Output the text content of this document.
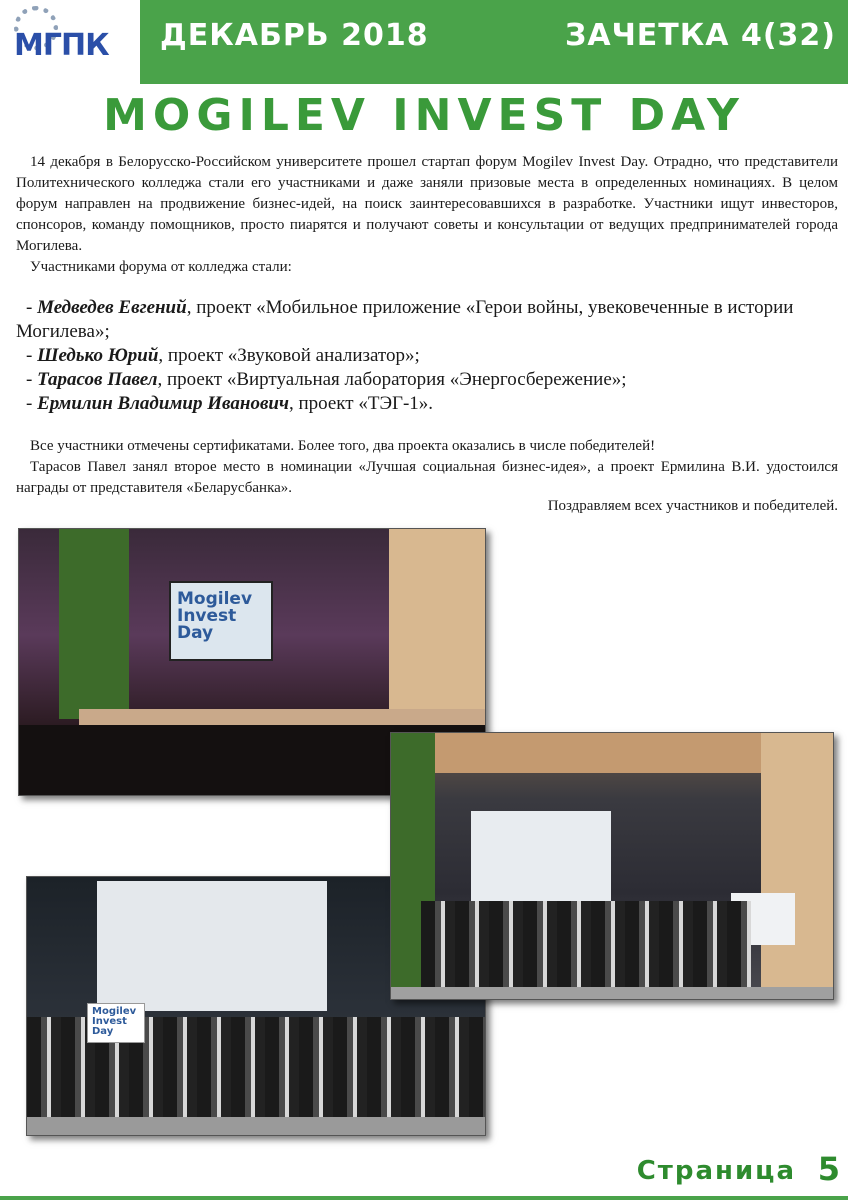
МГПК ДЕКАБРЬ 2018	ЗАЧЕТКА 4(32)
MOGILEV INVEST DAY

14 декабря в Белорусско-Российском университете прошел стартап форум Mogilev Invest Day. Отрадно, что представители Политехнического колледжа стали его участниками и даже заняли призовые места в определенных номинациях. В целом форум направлен на продвижение бизнес-идей, на поиск заинтересовавшихся в разработке. Участники ищут инвесторов, спонсоров, команду помощников, просто пиарятся и получают советы и консультации от ведущих предпринимателей города Могилева.

Участниками форума от колледжа стали:

- Медведев Евгений, проект «Мобильное приложение «Герои войны, увековеченные в истории Могилева»;

- Шедько Юрий, проект «Звуковой анализатор»;

- Тарасов Павел, проект «Виртуальная лаборатория «Энергосбережение»;

- Ермилин Владимир Иванович, проект «ТЭГ-1».

Все участники отмечены сертификатами. Более того, два проекта оказались в числе победителей!

Тарасов Павел занял второе место в номинации «Лучшая социальная бизнес-идея», а проект Ермилина В.И. удостоился награды от представителя «Беларусбанка».

Поздравляем всех участников и победителей.
Mogilev Invest Day
Mogilev Invest Day
Страница 5
